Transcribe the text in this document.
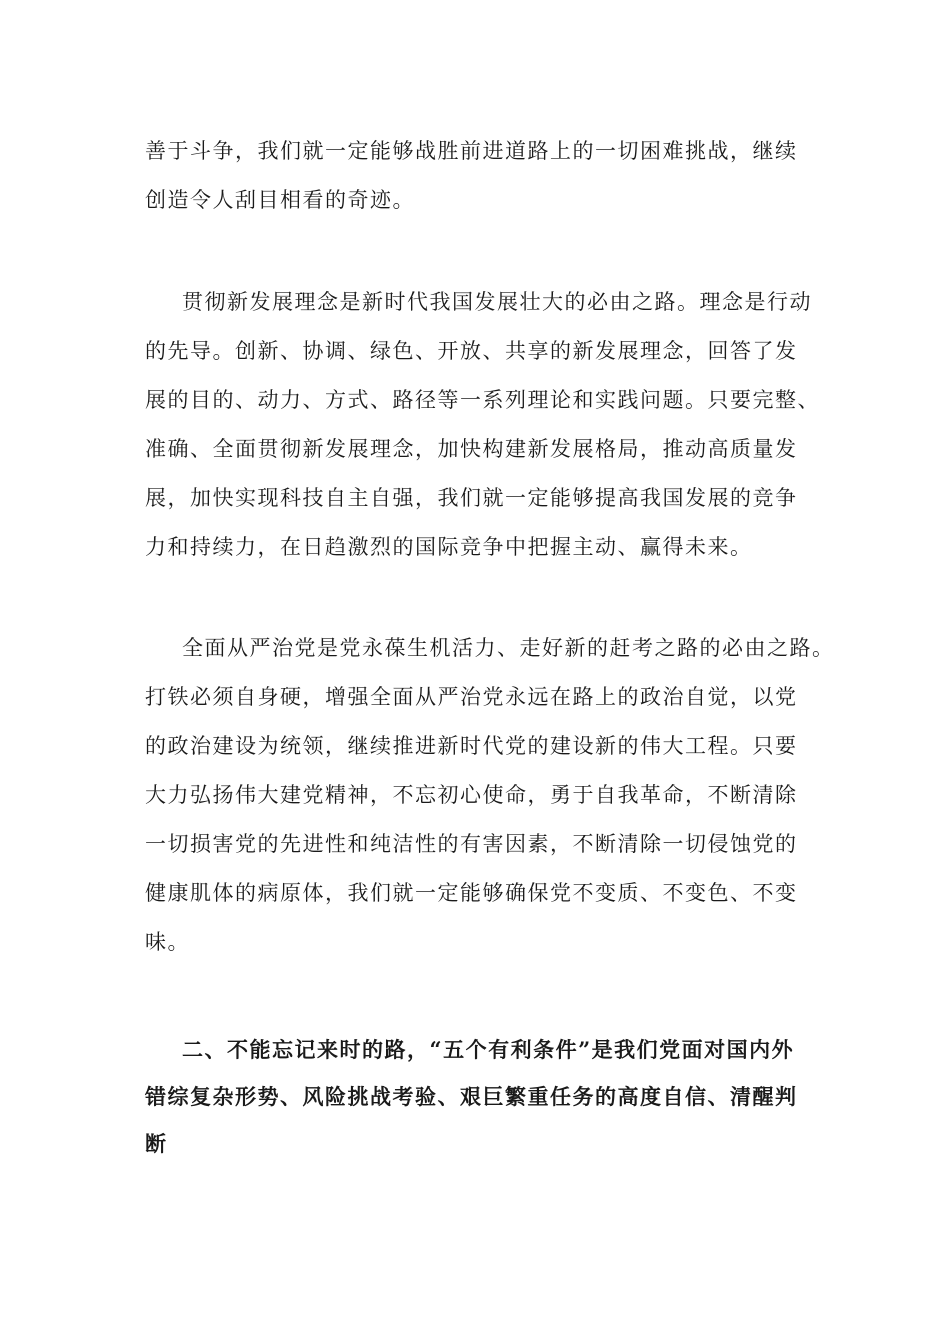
善于斗争，我们就一定能够战胜前进道路上的一切困难挑战，继续
创造令人刮目相看的奇迹。
贯彻新发展理念是新时代我国发展壮大的必由之路。理念是行动
的先导。创新、协调、绿色、开放、共享的新发展理念，回答了发
展的目的、动力、方式、路径等一系列理论和实践问题。只要完整、
准确、全面贯彻新发展理念，加快构建新发展格局，推动高质量发
展，加快实现科技自主自强，我们就一定能够提高我国发展的竞争
力和持续力，在日趋激烈的国际竞争中把握主动、赢得未来。
全面从严治党是党永葆生机活力、走好新的赶考之路的必由之路。
打铁必须自身硬，增强全面从严治党永远在路上的政治自觉，以党
的政治建设为统领，继续推进新时代党的建设新的伟大工程。只要
大力弘扬伟大建党精神，不忘初心使命，勇于自我革命，不断清除
一切损害党的先进性和纯洁性的有害因素，不断清除一切侵蚀党的
健康肌体的病原体，我们就一定能够确保党不变质、不变色、不变
味。
二、不能忘记来时的路，“五个有利条件”是我们党面对国内外
错综复杂形势、风险挑战考验、艰巨繁重任务的高度自信、清醒判
断
